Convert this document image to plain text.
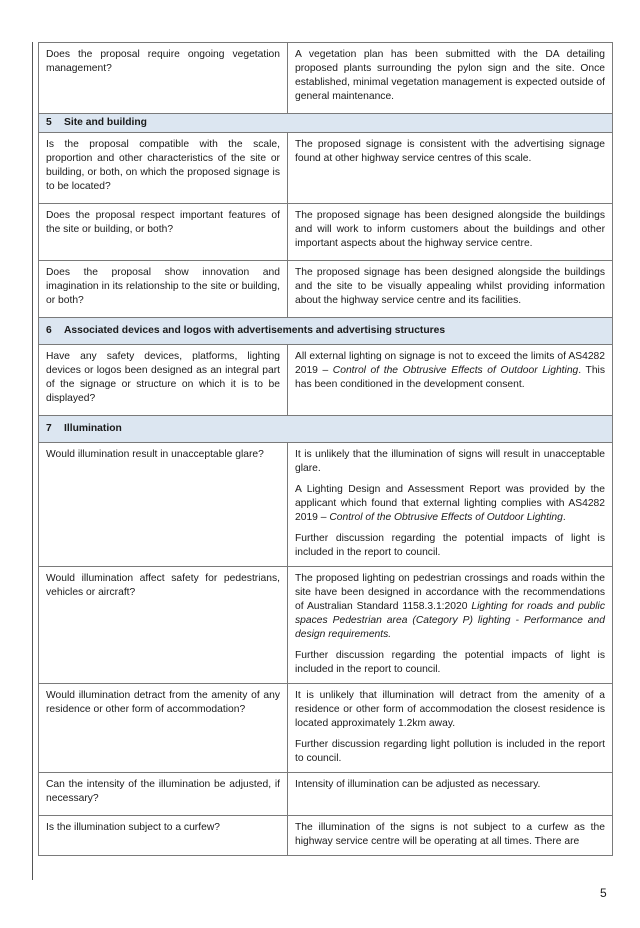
Does the proposal require ongoing vegetation management?	A vegetation plan has been submitted with the DA detailing proposed plants surrounding the pylon sign and the site. Once established, minimal vegetation management is expected outside of general maintenance.
5 Site and building	
Is the proposal compatible with the scale, proportion and other characteristics of the site or building, or both, on which the proposed signage is to be located?	The proposed signage is consistent with the advertising signage found at other highway service centres of this scale.
Does the proposal respect important features of the site or building, or both?	The proposed signage has been designed alongside the buildings and will work to inform customers about the buildings and other important aspects about the highway service centre.
Does the proposal show innovation and imagination in its relationship to the site or building, or both?	The proposed signage has been designed alongside the buildings and the site to be visually appealing whilst providing information about the highway service centre and its facilities.
6 Associated devices and logos with advertisements and advertising structures	
Have any safety devices, platforms, lighting devices or logos been designed as an integral part of the signage or structure on which it is to be displayed?	All external lighting on signage is not to exceed the limits of AS4282 2019 – Control of the Obtrusive Effects of Outdoor Lighting. This has been conditioned in the development consent.
7 Illumination	
Would illumination result in unacceptable glare?	It is unlikely that the illumination of signs will result in unacceptable glare.

A Lighting Design and Assessment Report was provided by the applicant which found that external lighting complies with AS4282 2019 – Control of the Obtrusive Effects of Outdoor Lighting.

Further discussion regarding the potential impacts of light is included in the report to council.

Would illumination affect safety for pedestrians, vehicles or aircraft?	The proposed lighting on pedestrian crossings and roads within the site have been designed in accordance with the recommendations of Australian Standard 1158.3.1:2020 Lighting for roads and public spaces Pedestrian area (Category P) lighting - Performance and design requirements.

Further discussion regarding the potential impacts of light is included in the report to council.

Would illumination detract from the amenity of any residence or other form of accommodation?	It is unlikely that illumination will detract from the amenity of a residence or other form of accommodation the closest residence is located approximately 1.2km away.

Further discussion regarding light pollution is included in the report to council.

Can the intensity of the illumination be adjusted, if necessary?	Intensity of illumination can be adjusted as necessary.
Is the illumination subject to a curfew?	The illumination of the signs is not subject to a curfew as the highway service centre will be operating at all times. There are
5
